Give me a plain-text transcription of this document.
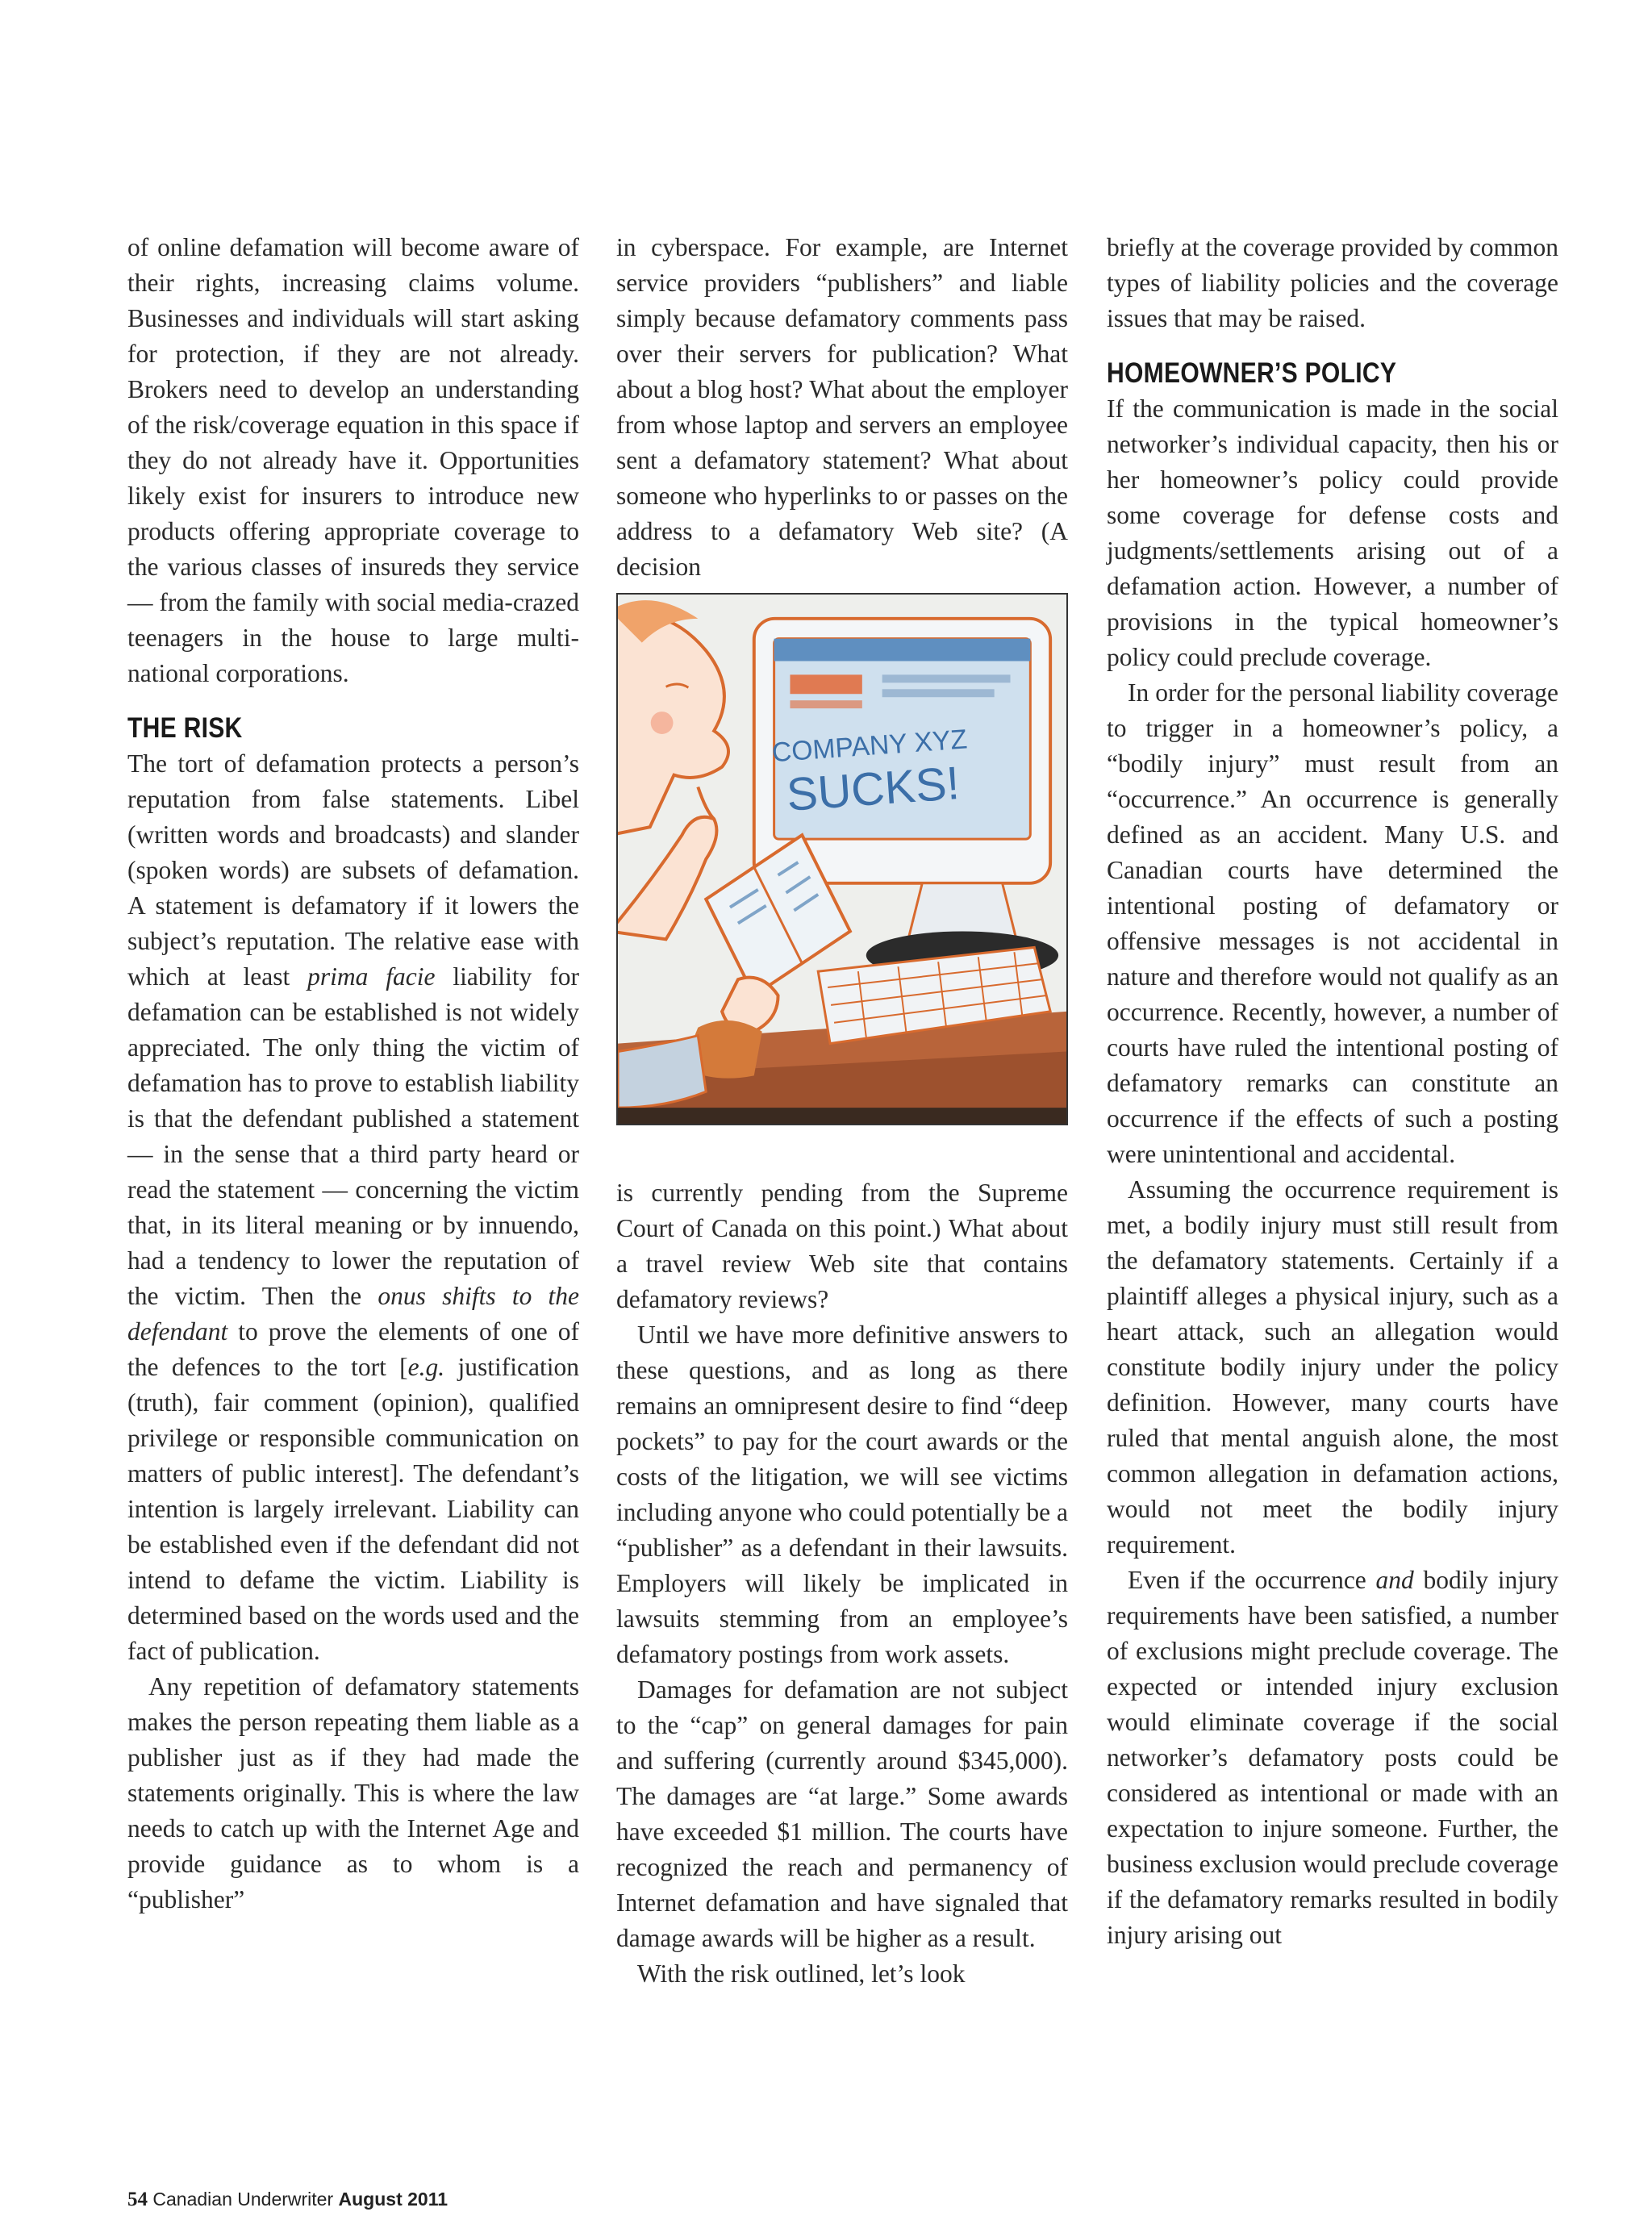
of online defamation will become aware of their rights, increasing claims volume. Businesses and individuals will start asking for protection, if they are not already. Brokers need to develop an understanding of the risk/coverage equation in this space if they do not already have it. Opportunities likely exist for insurers to introduce new products offering appropriate coverage to the various classes of insureds they service — from the family with social media-crazed teenagers in the house to large multi-national corporations.

THE RISK

The tort of defamation protects a person’s reputation from false statements. Libel (written words and broadcasts) and slander (spoken words) are subsets of defamation. A statement is defamatory if it lowers the subject’s reputation. The relative ease with which at least prima facie liability for defamation can be established is not widely appreciated. The only thing the victim of defamation has to prove to establish liability is that the defendant published a statement — in the sense that a third party heard or read the statement — concerning the victim that, in its literal meaning or by innuendo, had a tendency to lower the reputation of the victim. Then the onus shifts to the defendant to prove the elements of one of the defences to the tort [e.g. justification (truth), fair comment (opinion), qualified privilege or responsible communication on matters of public interest]. The defendant’s intention is largely irrelevant. Liability can be established even if the defendant did not intend to defame the victim. Liability is determined based on the words used and the fact of publication.

Any repetition of defamatory statements makes the person repeating them liable as a publisher just as if they had made the statements originally. This is where the law needs to catch up with the Internet Age and provide guidance as to whom is a “publisher”

in cyberspace. For example, are Internet service providers “publishers” and liable simply because defamatory comments pass over their servers for publication? What about a blog host? What about the employer from whose laptop and servers an employee sent a defamatory statement? What about someone who hyperlinks to or passes on the address to a defamatory Web site? (A decision

COMPANY XYZ
SUCKS!

is currently pending from the Supreme Court of Canada on this point.) What about a travel review Web site that contains defamatory reviews?

Until we have more definitive answers to these questions, and as long as there remains an omnipresent desire to find “deep pockets” to pay for the court awards or the costs of the litigation, we will see victims including anyone who could potentially be a “publisher” as a defendant in their lawsuits. Employers will likely be implicated in lawsuits stemming from an employee’s defamatory postings from work assets.

Damages for defamation are not subject to the “cap” on general damages for pain and suffering (currently around $345,000). The damages are “at large.” Some awards have exceeded $1 million. The courts have recognized the reach and permanency of Internet defamation and have signaled that damage awards will be higher as a result.

With the risk outlined, let’s look

briefly at the coverage provided by common types of liability policies and the coverage issues that may be raised.

HOMEOWNER’S POLICY

If the communication is made in the social networker’s individual capacity, then his or her homeowner’s policy could provide some coverage for defense costs and judgments/settlements arising out of a defamation action. However, a number of provisions in the typical homeowner’s policy could preclude coverage.

In order for the personal liability coverage to trigger in a homeowner’s policy, a “bodily injury” must result from an “occurrence.” An occurrence is generally defined as an accident. Many U.S. and Canadian courts have determined the intentional posting of defamatory or offensive messages is not accidental in nature and therefore would not qualify as an occurrence. Recently, however, a number of courts have ruled the intentional posting of defamatory remarks can constitute an occurrence if the effects of such a posting were unintentional and accidental.

Assuming the occurrence requirement is met, a bodily injury must still result from the defamatory statements. Certainly if a plaintiff alleges a physical injury, such as a heart attack, such an allegation would constitute bodily injury under the policy definition. However, many courts have ruled that mental anguish alone, the most common allegation in defamation actions, would not meet the bodily injury requirement.

Even if the occurrence and bodily injury requirements have been satisfied, a number of exclusions might preclude coverage. The expected or intended injury exclusion would eliminate coverage if the social networker’s defamatory posts could be considered as intentional or made with an expectation to injure someone. Further, the business exclusion would preclude coverage if the defamatory remarks resulted in bodily injury arising out

54 Canadian Underwriter August 2011
